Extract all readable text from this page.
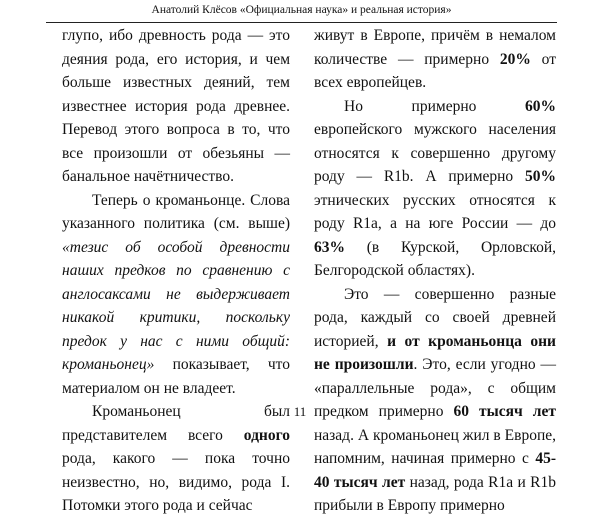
Анатолий Клёсов «Официальная наука» и реальная история»

глупо, ибо древность рода — это деяния рода, его история, и чем больше известных деяний, тем известнее история рода древнее. Перевод этого вопроса в то, что все произошли от обезьяны — банальное начётничество.

Теперь о кроманьонце. Слова указанного политика (см. выше) «тезис об особой древности наших предков по сравнению с англосаксами не выдерживает никакой критики, поскольку предок у нас с ними общий: кроманьонец» показывает, что материалом он не владеет.

Кроманьонец был представителем всего одного рода, какого — пока точно неизвестно, но, видимо, рода I. Потомки этого рода и сейчас

живут в Европе, причём в немалом количестве — примерно 20% от всех европейцев.

Но примерно 60% европейского мужского населения относятся к совершенно другому роду — R1b. А примерно 50% этнических русских относятся к роду R1a, а на юге России — до 63% (в Курской, Орловской, Белгородской областях).

Это — совершенно разные рода, каждый со своей древней историей, и от кроманьонца они не произошли. Это, если угодно — «параллельные рода», с общим предком примерно 60 тысяч лет назад. А кроманьонец жил в Европе, напомним, начиная примерно с 45-40 тысяч лет назад, рода R1a и R1b прибыли в Европу примерно

11
